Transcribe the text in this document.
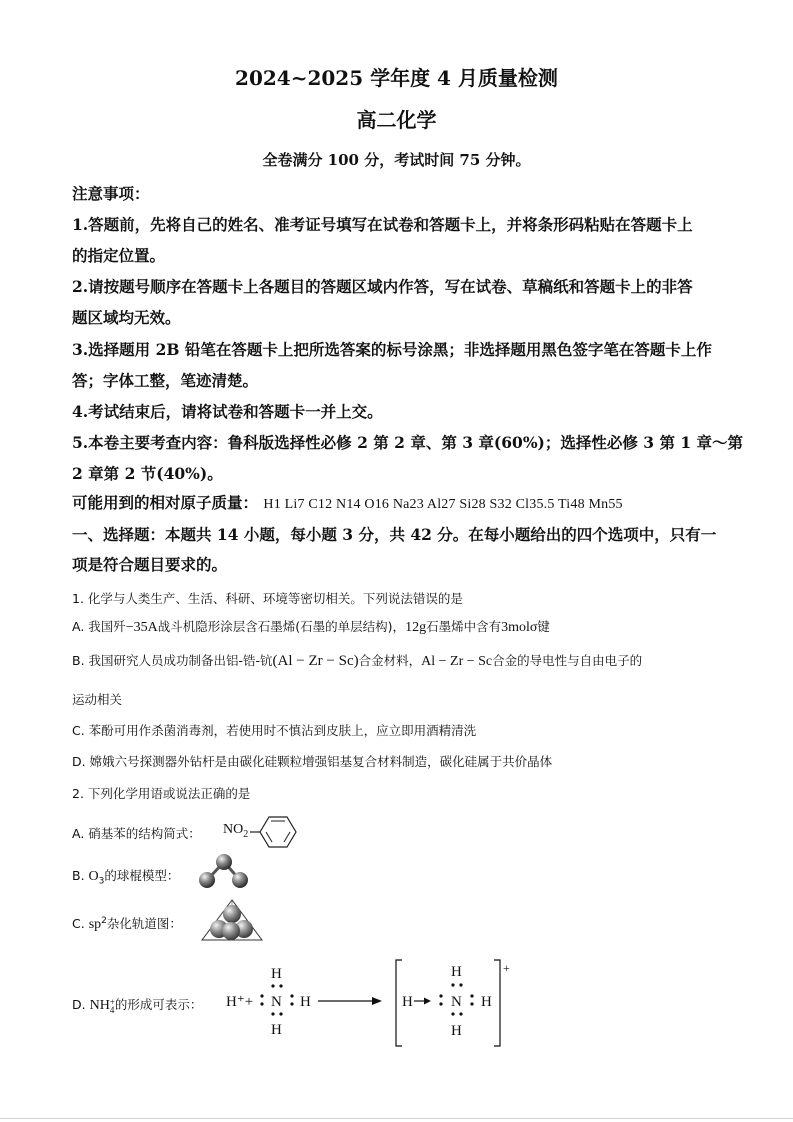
2024~2025 学年度 4 月质量检测
高二化学
全卷满分 100 分，考试时间 75 分钟。
注意事项：
1.答题前，先将自己的姓名、准考证号填写在试卷和答题卡上，并将条形码粘贴在答题卡上
的指定位置。
2.请按题号顺序在答题卡上各题目的答题区域内作答，写在试卷、草稿纸和答题卡上的非答
题区域均无效。
3.选择题用 2B 铅笔在答题卡上把所选答案的标号涂黑；非选择题用黑色签字笔在答题卡上作
答；字体工整，笔迹清楚。
4.考试结束后，请将试卷和答题卡一并上交。
5.本卷主要考查内容：鲁科版选择性必修 2 第 2 章、第 3 章(60%)；选择性必修 3 第 1 章～第
2 章第 2 节(40%)。
可能用到的相对原子质量： H1 Li7 C12 N14 O16 Na23 Al27 Si28 S32 Cl35.5 Ti48 Mn55
一、选择题：本题共 14 小题，每小题 3 分，共 42 分。在每小题给出的四个选项中，只有一
项是符合题目要求的。
1. 化学与人类生产、生活、科研、环境等密切相关。下列说法错误的是
A. 我国歼−35A战斗机隐形涂层含石墨烯(石墨的单层结构)，12g石墨烯中含有3molσ键
B. 我国研究人员成功制备出铝-锆-钪(Al − Zr − Sc)合金材料，Al − Zr − Sc合金的导电性与自由电子的
运动相关
C. 苯酚可用作杀菌消毒剂，若使用时不慎沾到皮肤上，应立即用酒精清洗
D. 嫦娥六号探测器外钻杆是由碳化硅颗粒增强铝基复合材料制造，碳化硅属于共价晶体
2. 下列化学用语或说法正确的是
A. 硝基苯的结构简式： $NO_2$
B. $O_3$的球棍模型：
C. $sp^2$杂化轨道图：
D. NH+
4的形成可表示： H⁺+
H
N H
H
H
H
N H
H
+
